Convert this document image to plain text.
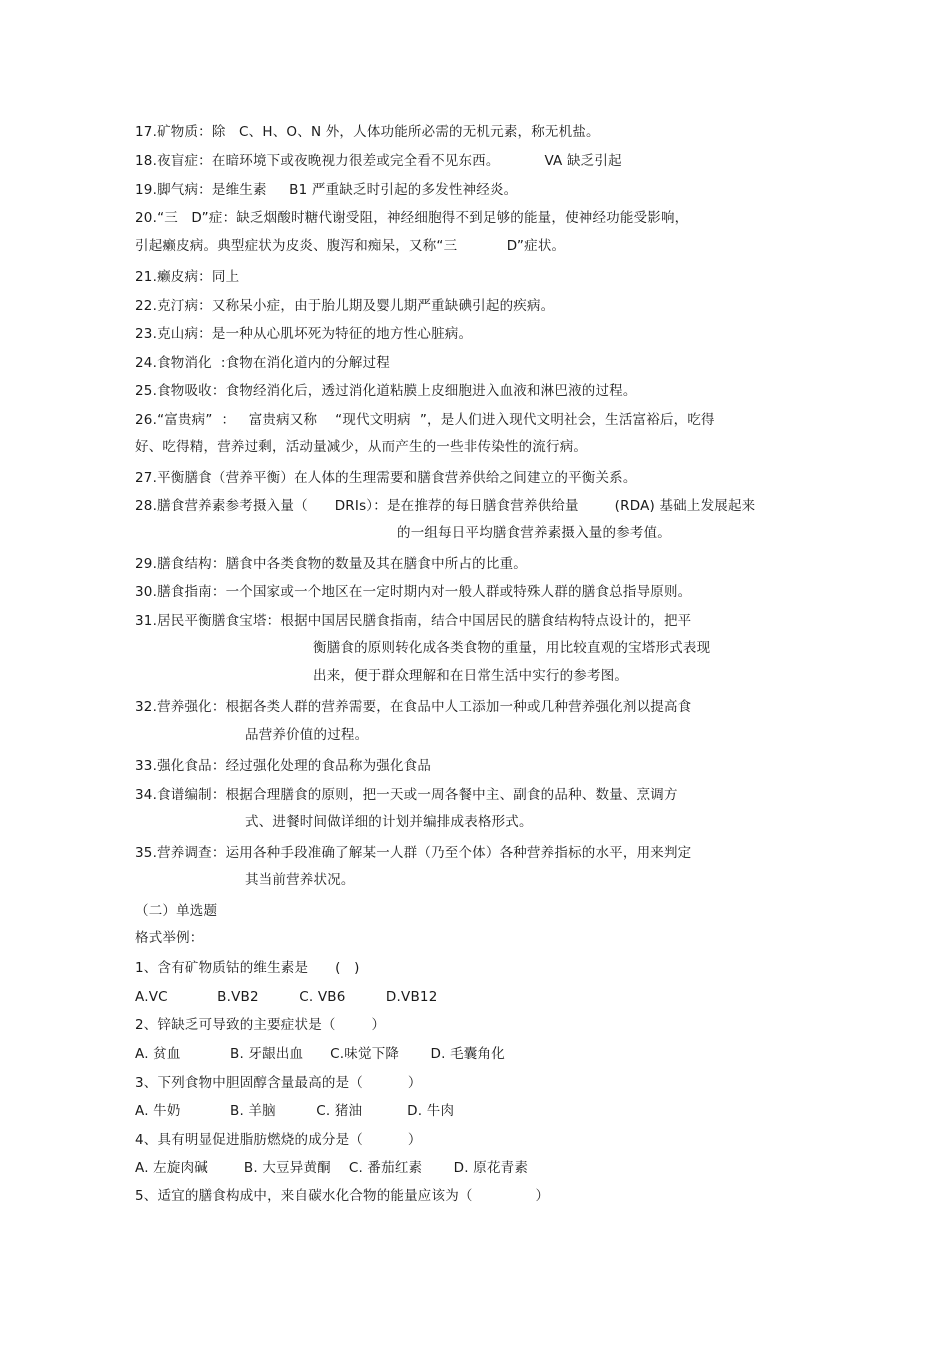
17.矿物质：除   C、H、O、N 外，人体功能所必需的无机元素，称无机盐。
18.夜盲症：在暗环境下或夜晚视力很差或完全看不见东西。          VA 缺乏引起
19.脚气病：是维生素     B1 严重缺乏时引起的多发性神经炎。
20.“三   D”症：缺乏烟酸时糖代谢受阻，神经细胞得不到足够的能量，使神经功能受影响，
引起癞皮病。典型症状为皮炎、腹泻和痴呆，又称“三           D”症状。
21.癞皮病：同上
22.克汀病：又称呆小症，由于胎儿期及婴儿期严重缺碘引起的疾病。
23.克山病：是一种从心肌坏死为特征的地方性心脏病。
24.食物消化  :食物在消化道内的分解过程
25.食物吸收：食物经消化后，透过消化道粘膜上皮细胞进入血液和淋巴液的过程。
26.“富贵病”  ：   富贵病又称    “现代文明病  ”，是人们进入现代文明社会，生活富裕后，吃得
好、吃得精，营养过剩，活动量减少，从而产生的一些非传染性的流行病。
27.平衡膳食（营养平衡）在人体的生理需要和膳食营养供给之间建立的平衡关系。
28.膳食营养素参考摄入量（      DRIs）：是在推荐的每日膳食营养供给量        (RDA) 基础上发展起来
的一组每日平均膳食营养素摄入量的参考值。
29.膳食结构：膳食中各类食物的数量及其在膳食中所占的比重。
30.膳食指南：一个国家或一个地区在一定时期内对一般人群或特殊人群的膳食总指导原则。
31.居民平衡膳食宝塔：根据中国居民膳食指南，结合中国居民的膳食结构特点设计的，把平
衡膳食的原则转化成各类食物的重量，用比较直观的宝塔形式表现
出来，便于群众理解和在日常生活中实行的参考图。
32.营养强化：根据各类人群的营养需要，在食品中人工添加一种或几种营养强化剂以提高食
品营养价值的过程。
33.强化食品：经过强化处理的食品称为强化食品
34.食谱编制：根据合理膳食的原则，把一天或一周各餐中主、副食的品种、数量、烹调方
式、进餐时间做详细的计划并编排成表格形式。
35.营养调查：运用各种手段准确了解某一人群（乃至个体）各种营养指标的水平，用来判定
其当前营养状况。
（二）单选题
格式举例：
1、含有矿物质钴的维生素是      (   )
A.VC           B.VB2         C. VB6         D.VB12
2、锌缺乏可导致的主要症状是（        ）
A. 贫血           B. 牙龈出血      C.味觉下降       D. 毛囊角化
3、下列食物中胆固醇含量最高的是（          ）
A. 牛奶           B. 羊脑         C. 猪油          D. 牛肉
4、具有明显促进脂肪燃烧的成分是（          ）
A. 左旋肉碱        B. 大豆异黄酮    C. 番茄红素       D. 原花青素
5、适宜的膳食构成中，来自碳水化合物的能量应该为（              ）
